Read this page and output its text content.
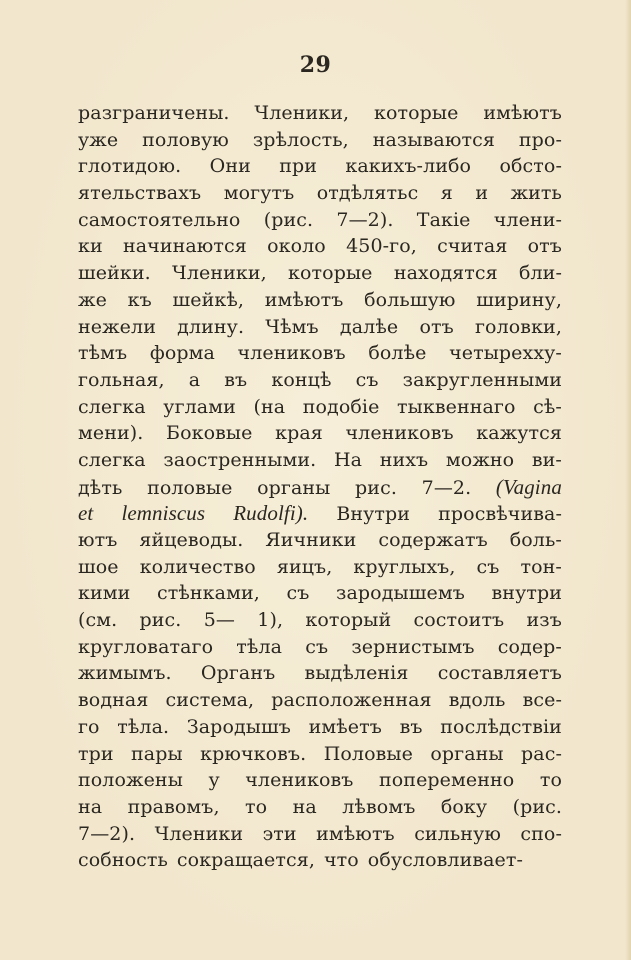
29
разграничены. Членики, которые имѣютъ
уже половую зрѣлость, называются про-
глотидою. Они при какихъ-либо обсто-
ятельствахъ могутъ отдѣлятьс я и жить
самостоятельно (рис. 7—2). Такіе члени-
ки начинаются около 450-го, считая отъ
шейки. Членики, которые находятся бли-
же къ шейкѣ, имѣютъ большую ширину,
нежели длину. Чѣмъ далѣе отъ головки,
тѣмъ форма члениковъ болѣе четырехху-
гольная, а въ концѣ съ закругленными
слегка углами (на подобіе тыквеннаго сѣ-
мени). Боковые края члениковъ кажутся
слегка заостренными. На нихъ можно ви-
дѣть половые органы рис. 7—2. (Vagina
et lemniscus Rudolfi). Внутри просвѣчива-
ютъ яйцеводы. Яичники содержатъ боль-
шое количество яицъ, круглыхъ, съ тон-
кими стѣнками, съ зародышемъ внутри
(см. рис. 5— 1), который состоитъ изъ
кругловатаго тѣла съ зернистымъ содер-
жимымъ. Органъ выдѣленія составляетъ
водная система, расположенная вдоль все-
го тѣла. Зародышъ имѣетъ въ послѣдствіи
три пары крючковъ. Половые органы рас-
положены у члениковъ попеременно то
на правомъ, то на лѣвомъ боку (рис.
7—2). Членики эти имѣютъ сильную спо-
собность сокращается, что обусловливает-
